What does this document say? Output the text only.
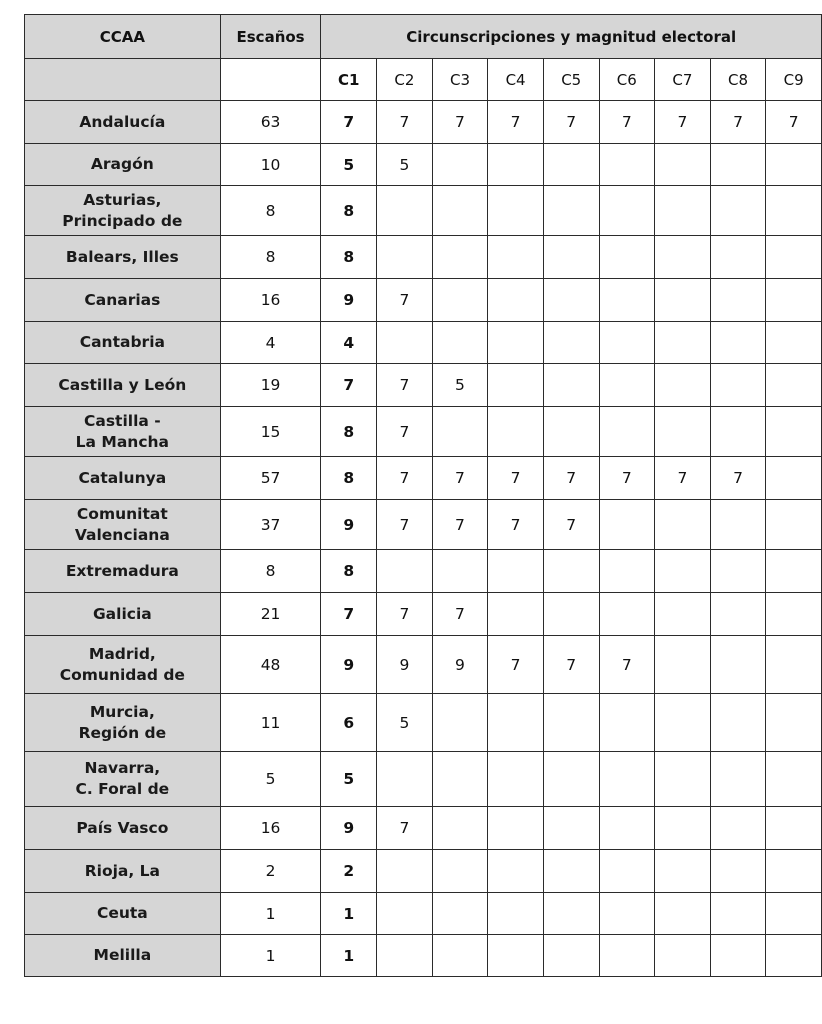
CCAA	Escaños	Circunscripciones y magnitud electoral								
		C1	C2	C3	C4	C5	C6	C7	C8	C9
Andalucía	63	7	7	7	7	7	7	7	7	7
Aragón	10	5	5							
Asturias,
Principado de	8	8								
Balears, Illes	8	8								
Canarias	16	9	7							
Cantabria	4	4								
Castilla y León	19	7	7	5						
Castilla -
La Mancha	15	8	7							
Catalunya	57	8	7	7	7	7	7	7	7	
Comunitat
Valenciana	37	9	7	7	7	7				
Extremadura	8	8								
Galicia	21	7	7	7						
Madrid,
Comunidad de	48	9	9	9	7	7	7			
Murcia,
Región de	11	6	5							
Navarra,
C. Foral de	5	5								
País Vasco	16	9	7							
Rioja, La	2	2								
Ceuta	1	1								
Melilla	1	1								
